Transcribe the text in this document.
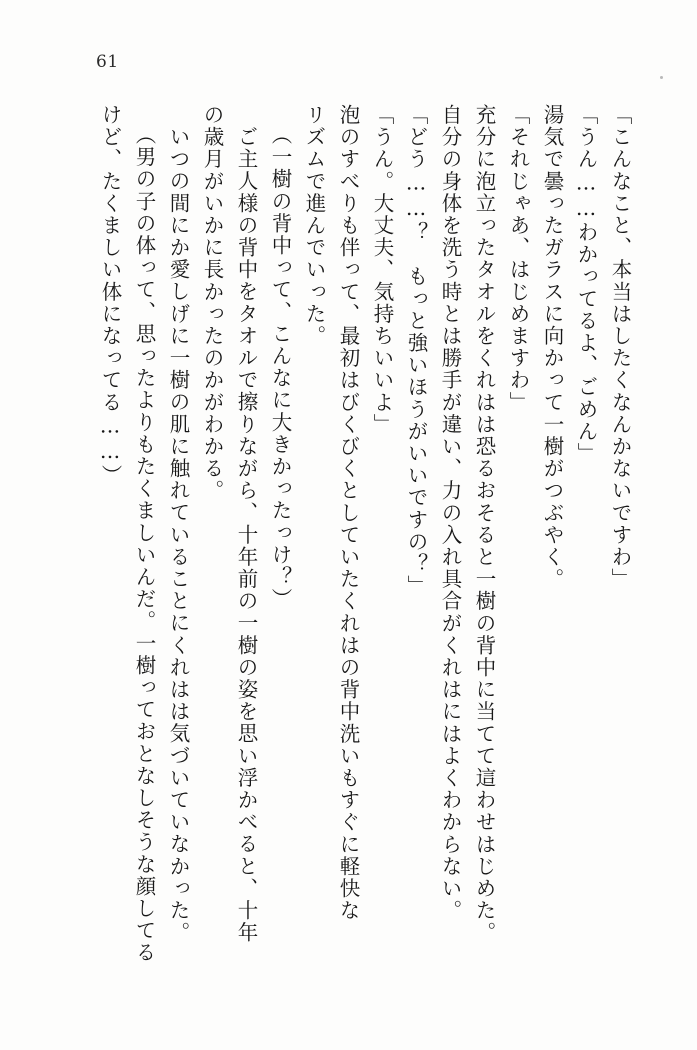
61
「こんなこと、本当はしたくなんかないですわ」
「うん……わかってるよ、ごめん」
湯気で曇ったガラスに向かって一樹がつぶやく。
「それじゃあ、はじめますわ」
充分に泡立ったタオルをくれはは恐るおそると一樹の背中に当てて這わせはじめた。
自分の身体を洗う時とは勝手が違い、力の入れ具合がくれはにはよくわからない。
「どう……？　もっと強いほうがいいですの？」
「うん。大丈夫、気持ちいいよ」
泡のすべりも伴って、最初はびくびくとしていたくれはの背中洗いもすぐに軽快な
リズムで進んでいった。
（一樹の背中って、こんなに大きかったっけ？）
ご主人様の背中をタオルで擦りながら、十年前の一樹の姿を思い浮かべると、十年
の歳月がいかに長かったのかがわかる。
いつの間にか愛しげに一樹の肌に触れていることにくれはは気づいていなかった。
（男の子の体って、思ったよりもたくましいんだ。一樹っておとなしそうな顔してる
けど、たくましい体になってる……）
